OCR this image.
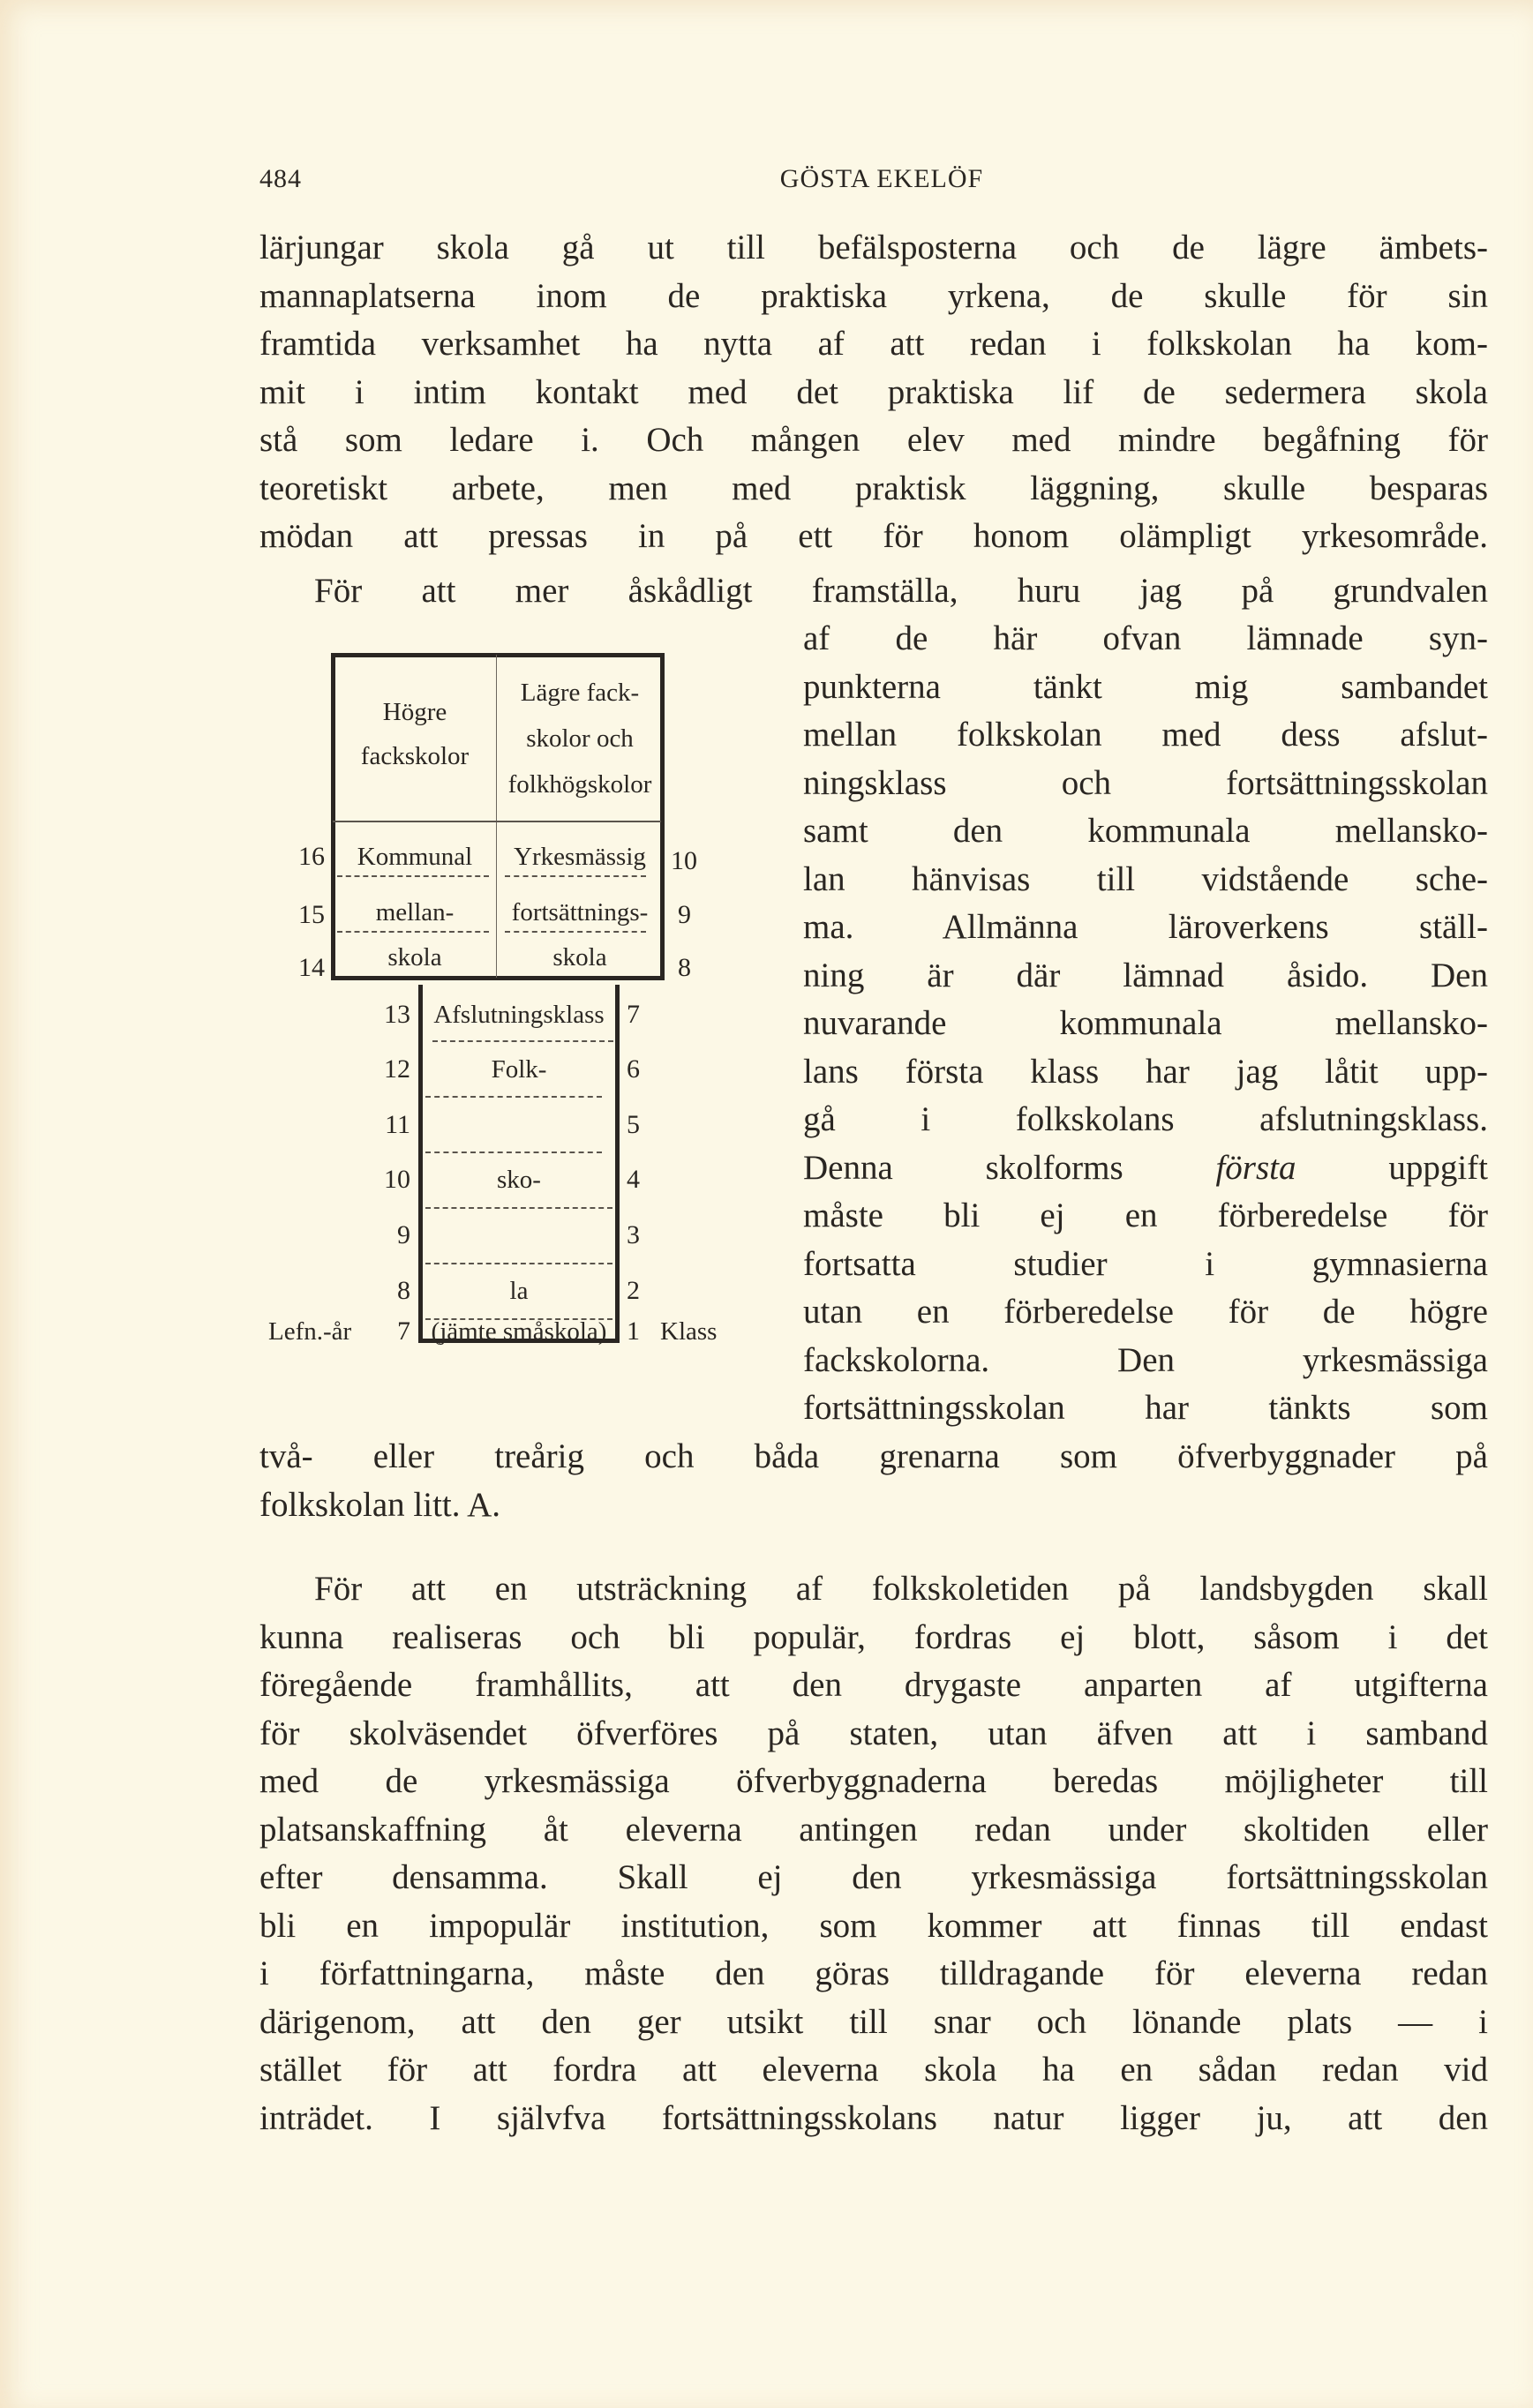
484	GÖSTA EKELÖF
lärjungar skola gå ut till befälsposterna och de lägre ämbets-
mannaplatserna inom de praktiska yrkena, de skulle för sin
framtida verksamhet ha nytta af att redan i folkskolan ha kom-
mit i intim kontakt med det praktiska lif de sedermera skola
stå som ledare i. Och mången elev med mindre begåfning för
teoretiskt arbete, men med praktisk läggning, skulle besparas
mödan att pressas in på ett för honom olämpligt yrkesområde.
För att mer åskådligt framställa, huru jag på grundvalen
af de här ofvan lämnade syn-
punkterna tänkt mig sambandet
mellan folkskolan med dess afslut-
ningsklass och fortsättningsskolan
samt den kommunala mellansko-
lan hänvisas till vidstående sche-
ma. Allmänna läroverkens ställ-
ning är där lämnad åsido. Den
nuvarande kommunala mellansko-
lans första klass har jag låtit upp-
gå i folkskolans afslutningsklass.
Denna skolforms första uppgift
måste bli ej en förberedelse för
fortsatta studier i gymnasierna
utan en förberedelse för de högre
fackskolorna. Den yrkesmässiga
fortsättningsskolan har tänkts som
två- eller treårig och båda grenarna som öfverbyggnader på
folkskolan litt. A.
För att en utsträckning af folkskoletiden på landsbygden skall
kunna realiseras och bli populär, fordras ej blott, såsom i det
föregående framhållits, att den drygaste anparten af utgifterna
för skolväsendet öfverföres på staten, utan äfven att i samband
med de yrkesmässiga öfverbyggnaderna beredas möjligheter till
platsanskaffning åt eleverna antingen redan under skoltiden eller
efter densamma. Skall ej den yrkesmässiga fortsättningsskolan
bli en impopulär institution, som kommer att finnas till endast
i författningarna, måste den göras tilldragande för eleverna redan
därigenom, att den ger utsikt till snar och lönande plats — i
stället för att fordra att eleverna skola ha en sådan redan vid
inträdet. I självfva fortsättningsskolans natur ligger ju, att den
Högre
fackskolor
Lägre fack-
skolor och
folkhögskolor
Kommunal
mellan-
skola
Yrkesmässig
fortsättnings-
skola
16
15
14
10
9
8
Afslutningsklass
Folk-
sko-
la
(jämte småskola)
13
12
11
10
9
8
7
Lefn.-år
7
6
5
4
3
2
1 Klass
